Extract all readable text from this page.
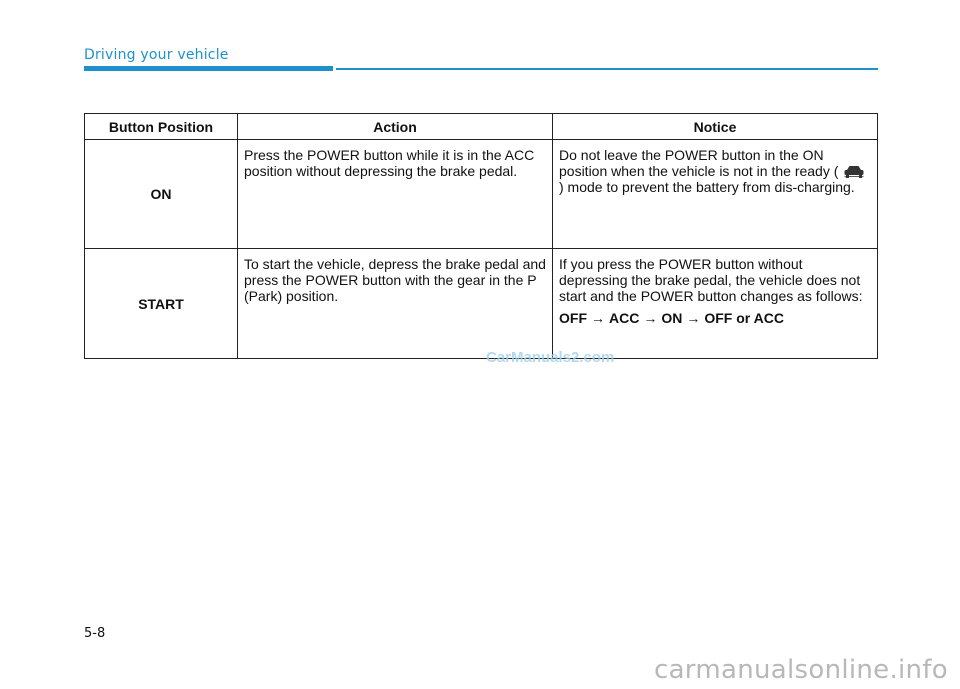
Driving your vehicle
Button Position	Action	Notice
ON	Press the POWER button while it is in the ACC position without depressing the brake pedal.	Do not leave the POWER button in the ON position when the vehicle is not in the ready (  ) mode to prevent the battery from dis-charging.
START	To start the vehicle, depress the brake pedal and press the POWER button with the gear in the P (Park) position.	If you press the POWER button without depressing the brake pedal, the vehicle does not start and the POWER button changes as follows:
OFF → ACC → ON → OFF or ACC
CarManuals2.com
5-8
carmanualsonline.info
